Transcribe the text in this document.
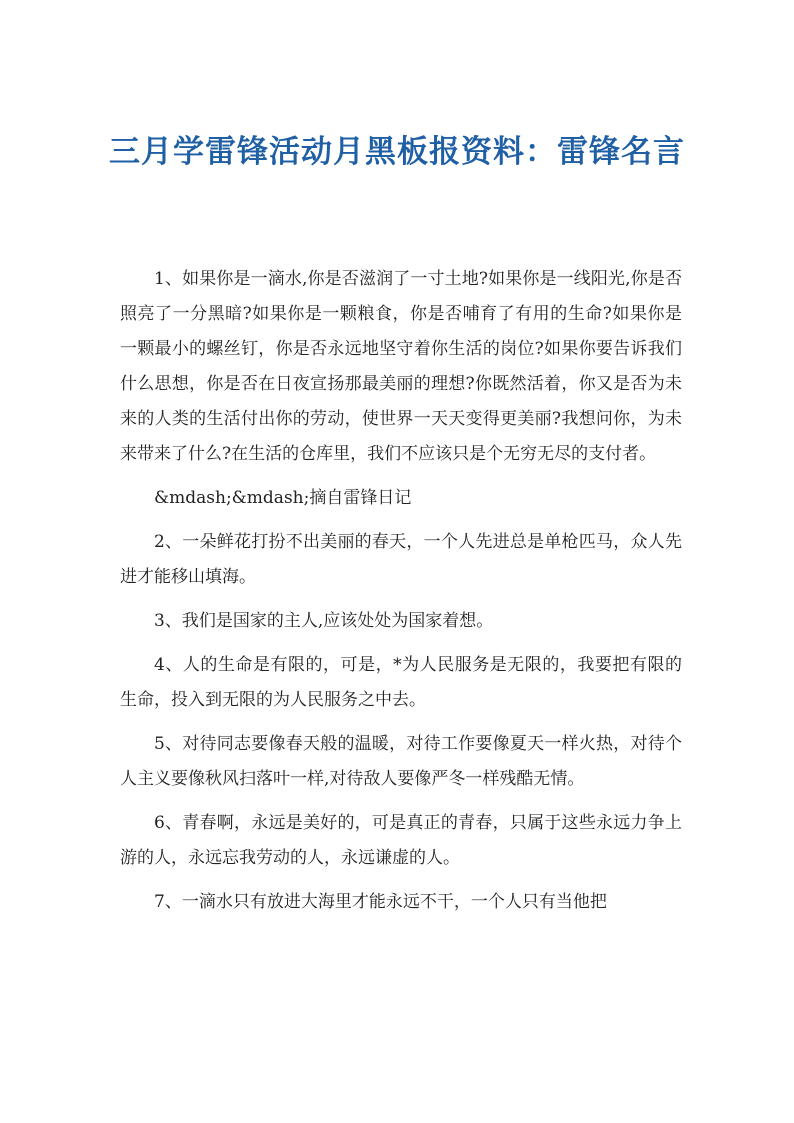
三月学雷锋活动月黑板报资料：雷锋名言

1、如果你是一滴水,你是否滋润了一寸土地?如果你是一线阳光,你是否照亮了一分黑暗?如果你是一颗粮食，你是否哺育了有用的生命?如果你是一颗最小的螺丝钉，你是否永远地坚守着你生活的岗位?如果你要告诉我们什么思想，你是否在日夜宣扬那最美丽的理想?你既然活着，你又是否为未来的人类的生活付出你的劳动，使世界一天天变得更美丽?我想问你，为未来带来了什么?在生活的仓库里，我们不应该只是个无穷无尽的支付者。

&mdash;&mdash;摘自雷锋日记

2、一朵鲜花打扮不出美丽的春天，一个人先进总是单枪匹马，众人先进才能移山填海。

3、我们是国家的主人,应该处处为国家着想。

4、人的生命是有限的，可是，*为人民服务是无限的，我要把有限的生命，投入到无限的为人民服务之中去。

5、对待同志要像春天般的温暖，对待工作要像夏天一样火热，对待个人主义要像秋风扫落叶一样,对待敌人要像严冬一样残酷无情。

6、青春啊，永远是美好的，可是真正的青春，只属于这些永远力争上游的人，永远忘我劳动的人，永远谦虚的人。

7、一滴水只有放进大海里才能永远不干，一个人只有当他把
